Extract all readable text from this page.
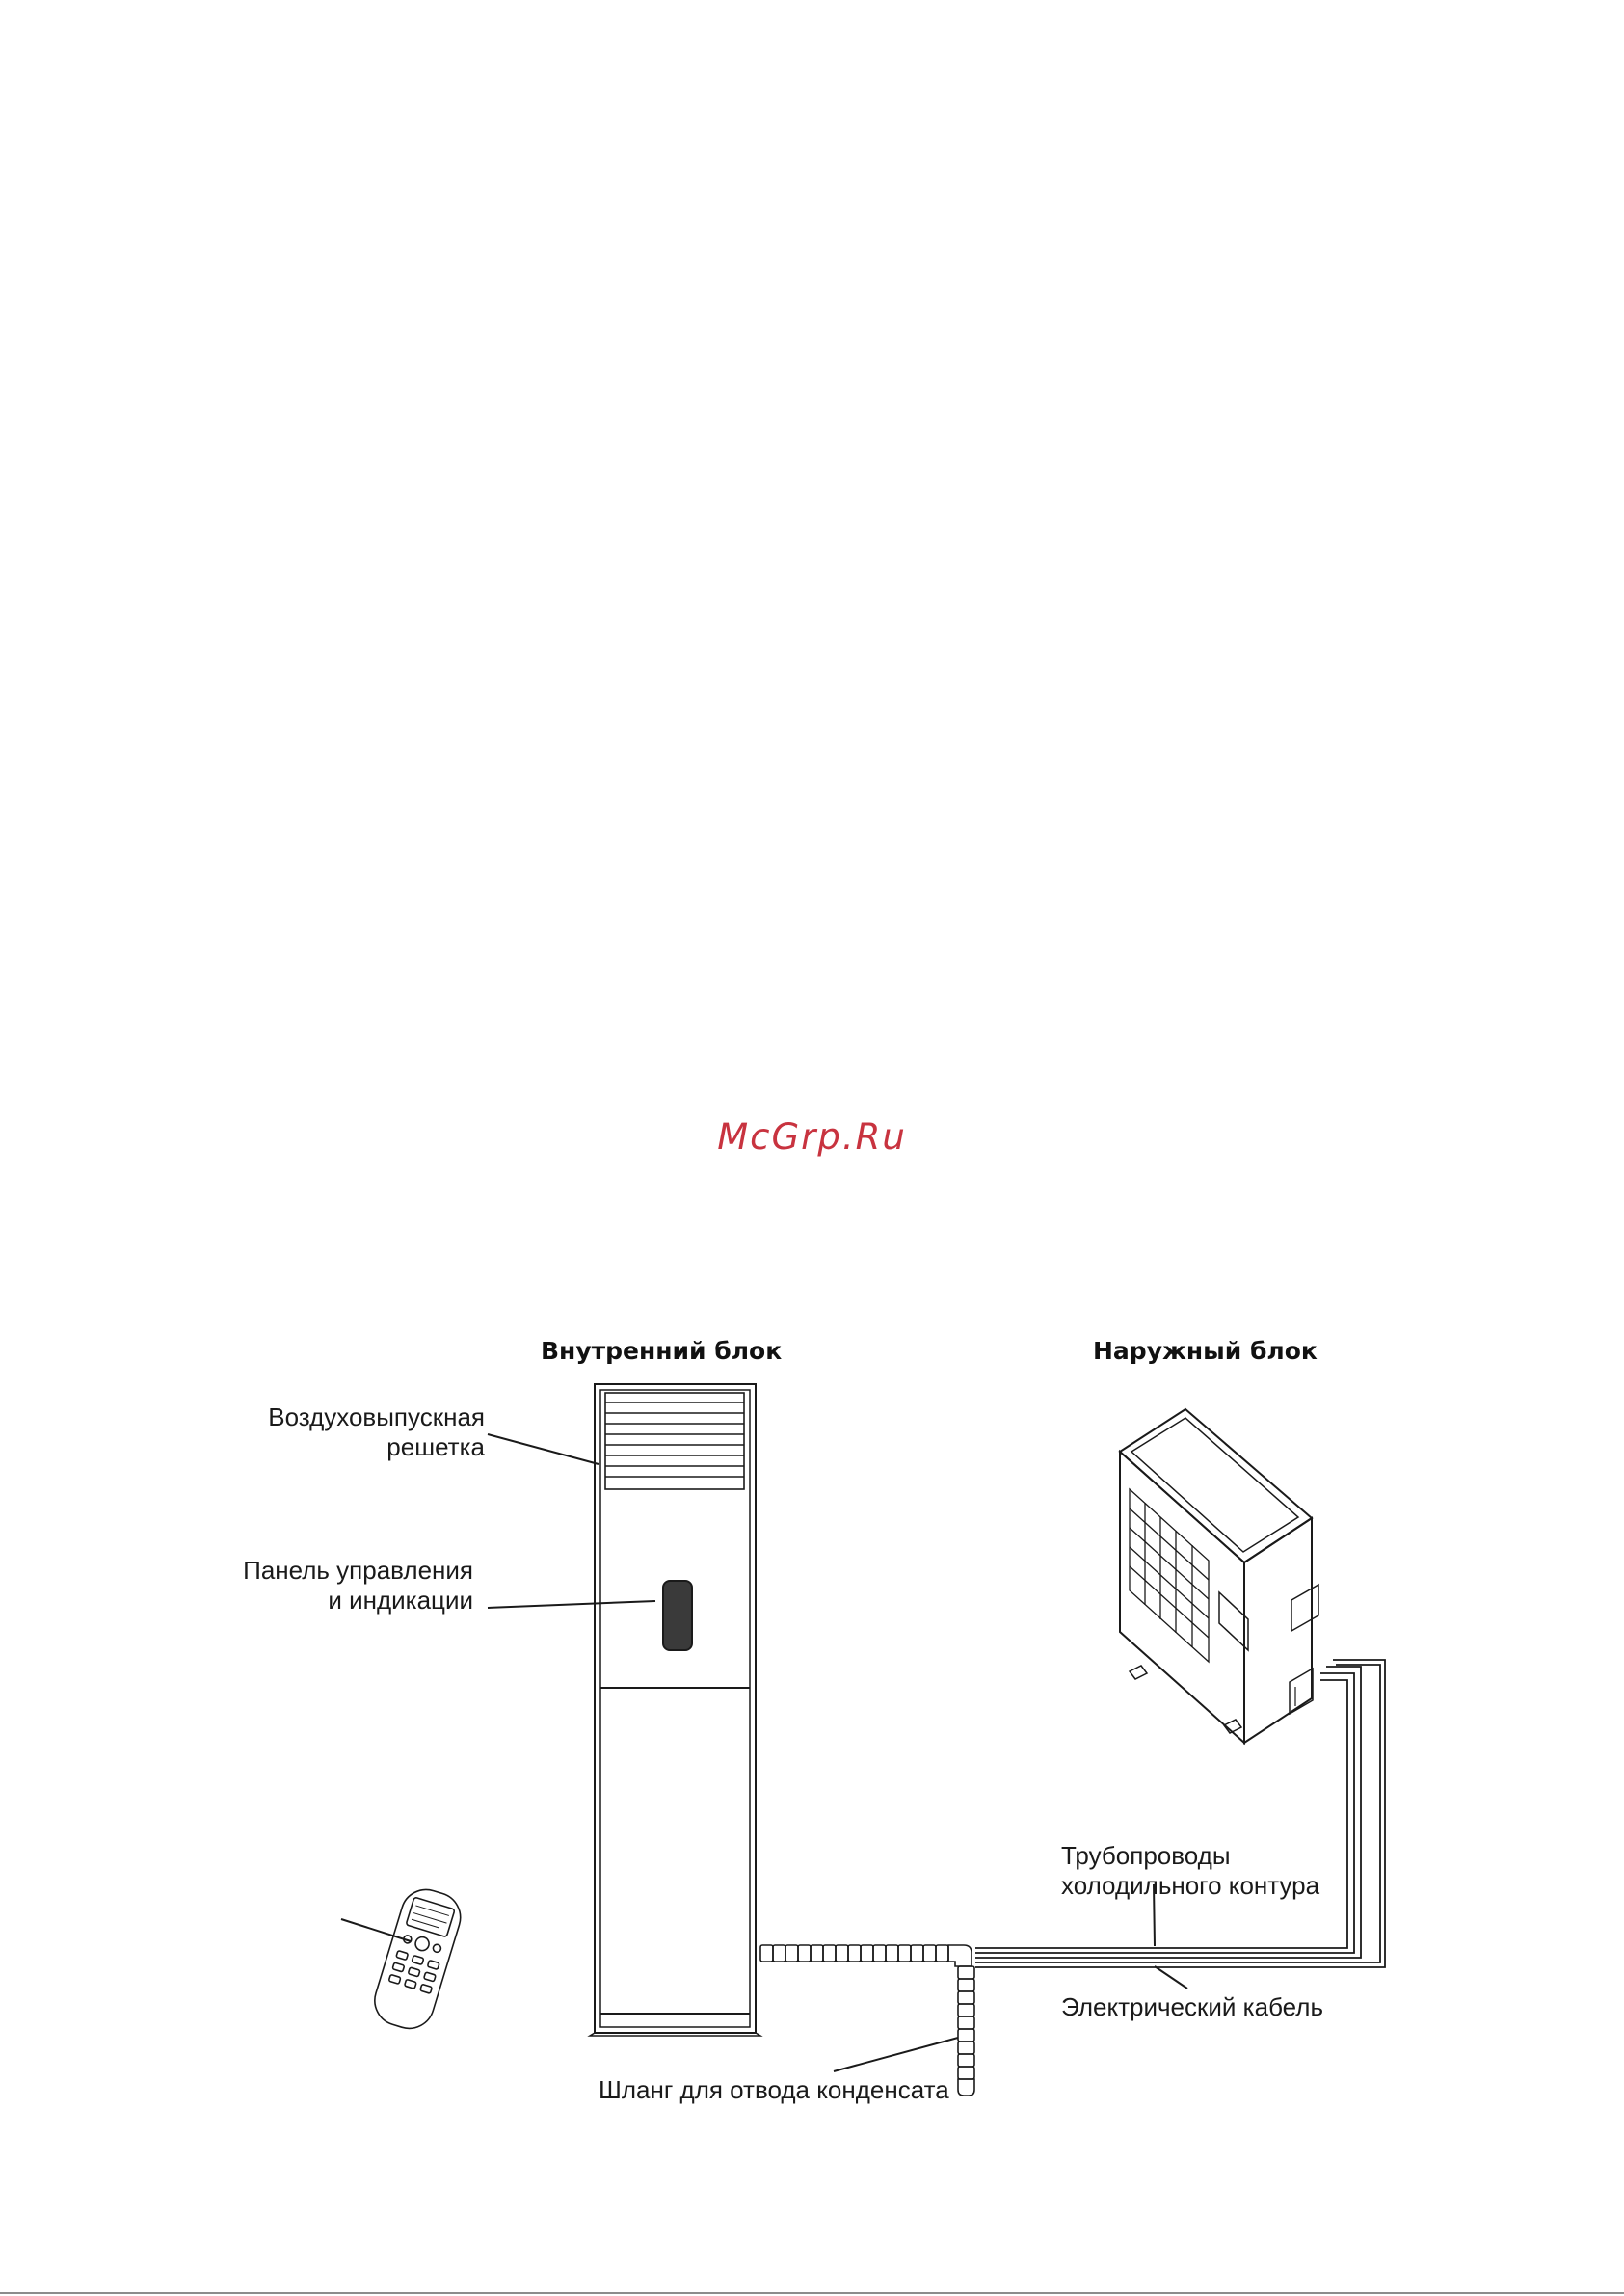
McGrp.Ru
Внутренний блок	Наружный блок
Воздуховыпускная
решетка
Панель управления
и индикации
Трубопроводы
холодильного контура
Электрический кабель
Шланг для отвода конденсата
